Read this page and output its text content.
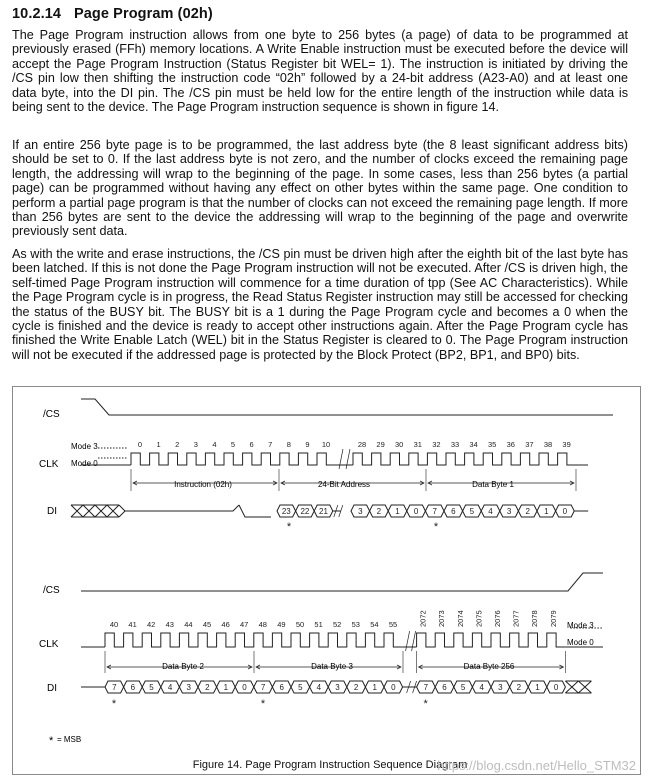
10.2.14 Page Program (02h)

The Page Program instruction allows from one byte to 256 bytes (a page) of data to be programmed at previously erased (FFh) memory locations. A Write Enable instruction must be executed before the device will accept the Page Program Instruction (Status Register bit WEL= 1). The instruction is initiated by driving the /CS pin low then shifting the instruction code “02h” followed by a 24-bit address (A23-A0) and at least one data byte, into the DI pin. The /CS pin must be held low for the entire length of the instruction while data is being sent to the device. The Page Program instruction sequence is shown in figure 14.

If an entire 256 byte page is to be programmed, the last address byte (the 8 least significant address bits) should be set to 0. If the last address byte is not zero, and the number of clocks exceed the remaining page length, the addressing will wrap to the beginning of the page. In some cases, less than 256 bytes (a partial page) can be programmed without having any effect on other bytes within the same page. One condition to perform a partial page program is that the number of clocks can not exceed the remaining page length. If more than 256 bytes are sent to the device the addressing will wrap to the beginning of the page and overwrite previously sent data.

As with the write and erase instructions, the /CS pin must be driven high after the eighth bit of the last byte has been latched. If this is not done the Page Program instruction will not be executed. After /CS is driven high, the self-timed Page Program instruction will commence for a time duration of tpp (See AC Characteristics). While the Page Program cycle is in progress, the Read Status Register instruction may still be accessed for checking the status of the BUSY bit. The BUSY bit is a 1 during the Page Program cycle and becomes a 0 when the cycle is finished and the device is ready to accept other instructions again. After the Page Program cycle has finished the Write Enable Latch (WEL) bit in the Status Register is cleared to 0. The Page Program instruction will not be executed if the addressed page is protected by the Block Protect (BP2, BP1, and BP0) bits.

0 1 2 3 4 5 6 7 8 9 10	28 29 30 31 32 33 34 35 36 37 38 39
23 22 21	3 2 1 0 7 6 5 4 3 2 1 0
*	*
40 41 42 43 44 45 46 47 48 49 50 51 52 53 54 55	2072 2073 2074 2075 2076 2077 2078 2079
7 6 5 4 3 2 1 0 7 6 5 4 3 2 1 0	7 6 5 4 3 2 1 0
*	*	*
/CS
CLK
DI
/CS
CLK
DI
Mode 3
Mode 0
Mode 3
Mode 0
Instruction (02h)	24-Bit Address	Data Byte 1
Data Byte 2	Data Byte 3	Data Byte 256
* = MSB
Figure 14. Page Program Instruction Sequence Diagram
https://blog.csdn.net/Hello_STM32
